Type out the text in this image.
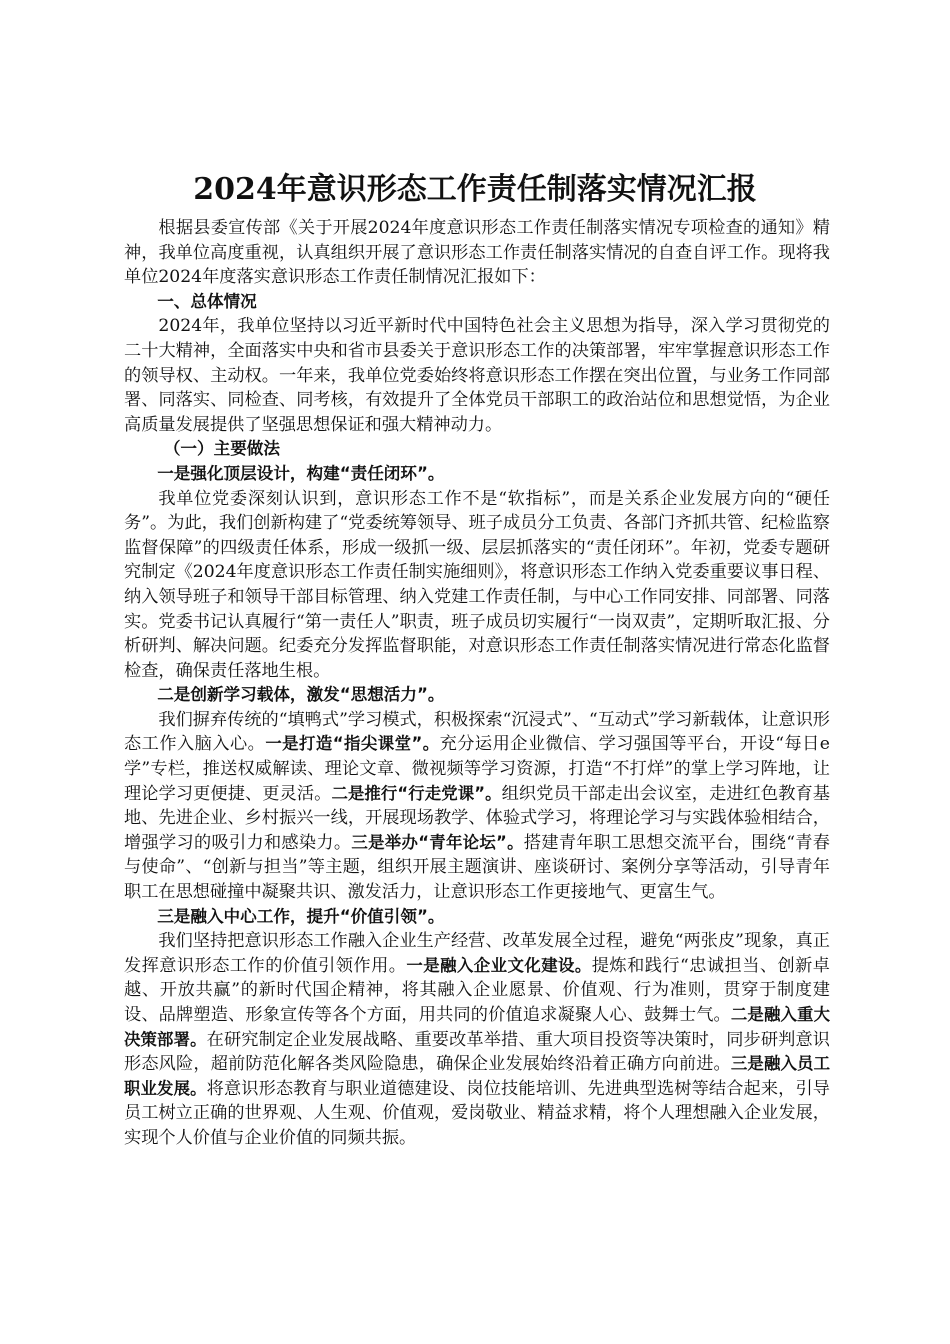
2024年意识形态工作责任制落实情况汇报

根据县委宣传部《关于开展2024年度意识形态工作责任制落实情况专项检查的通知》精神，我单位高度重视，认真组织开展了意识形态工作责任制落实情况的自查自评工作。现将我单位2024年度落实意识形态工作责任制情况汇报如下：

一、总体情况

2024年，我单位坚持以习近平新时代中国特色社会主义思想为指导，深入学习贯彻党的二十大精神，全面落实中央和省市县委关于意识形态工作的决策部署，牢牢掌握意识形态工作的领导权、主动权。一年来，我单位党委始终将意识形态工作摆在突出位置，与业务工作同部署、同落实、同检查、同考核，有效提升了全体党员干部职工的政治站位和思想觉悟，为企业高质量发展提供了坚强思想保证和强大精神动力。

（一）主要做法

一是强化顶层设计，构建“责任闭环”。

我单位党委深刻认识到，意识形态工作不是“软指标”，而是关系企业发展方向的“硬任务”。为此，我们创新构建了“党委统筹领导、班子成员分工负责、各部门齐抓共管、纪检监察监督保障”的四级责任体系，形成一级抓一级、层层抓落实的“责任闭环”。年初，党委专题研究制定《2024年度意识形态工作责任制实施细则》，将意识形态工作纳入党委重要议事日程、纳入领导班子和领导干部目标管理、纳入党建工作责任制，与中心工作同安排、同部署、同落实。党委书记认真履行“第一责任人”职责，班子成员切实履行“一岗双责”，定期听取汇报、分析研判、解决问题。纪委充分发挥监督职能，对意识形态工作责任制落实情况进行常态化监督检查，确保责任落地生根。

二是创新学习载体，激发“思想活力”。

我们摒弃传统的“填鸭式”学习模式，积极探索“沉浸式”、“互动式”学习新载体，让意识形态工作入脑入心。一是打造“指尖课堂”。充分运用企业微信、学习强国等平台，开设“每日e学”专栏，推送权威解读、理论文章、微视频等学习资源，打造“不打烊”的掌上学习阵地，让理论学习更便捷、更灵活。二是推行“行走党课”。组织党员干部走出会议室，走进红色教育基地、先进企业、乡村振兴一线，开展现场教学、体验式学习，将理论学习与实践体验相结合，增强学习的吸引力和感染力。三是举办“青年论坛”。搭建青年职工思想交流平台，围绕“青春与使命”、“创新与担当”等主题，组织开展主题演讲、座谈研讨、案例分享等活动，引导青年职工在思想碰撞中凝聚共识、激发活力，让意识形态工作更接地气、更富生气。

三是融入中心工作，提升“价值引领”。

我们坚持把意识形态工作融入企业生产经营、改革发展全过程，避免“两张皮”现象，真正发挥意识形态工作的价值引领作用。一是融入企业文化建设。提炼和践行“忠诚担当、创新卓越、开放共赢”的新时代国企精神，将其融入企业愿景、价值观、行为准则，贯穿于制度建设、品牌塑造、形象宣传等各个方面，用共同的价值追求凝聚人心、鼓舞士气。二是融入重大决策部署。在研究制定企业发展战略、重要改革举措、重大项目投资等决策时，同步研判意识形态风险，超前防范化解各类风险隐患，确保企业发展始终沿着正确方向前进。三是融入员工职业发展。将意识形态教育与职业道德建设、岗位技能培训、先进典型选树等结合起来，引导员工树立正确的世界观、人生观、价值观，爱岗敬业、精益求精，将个人理想融入企业发展，实现个人价值与企业价值的同频共振。
